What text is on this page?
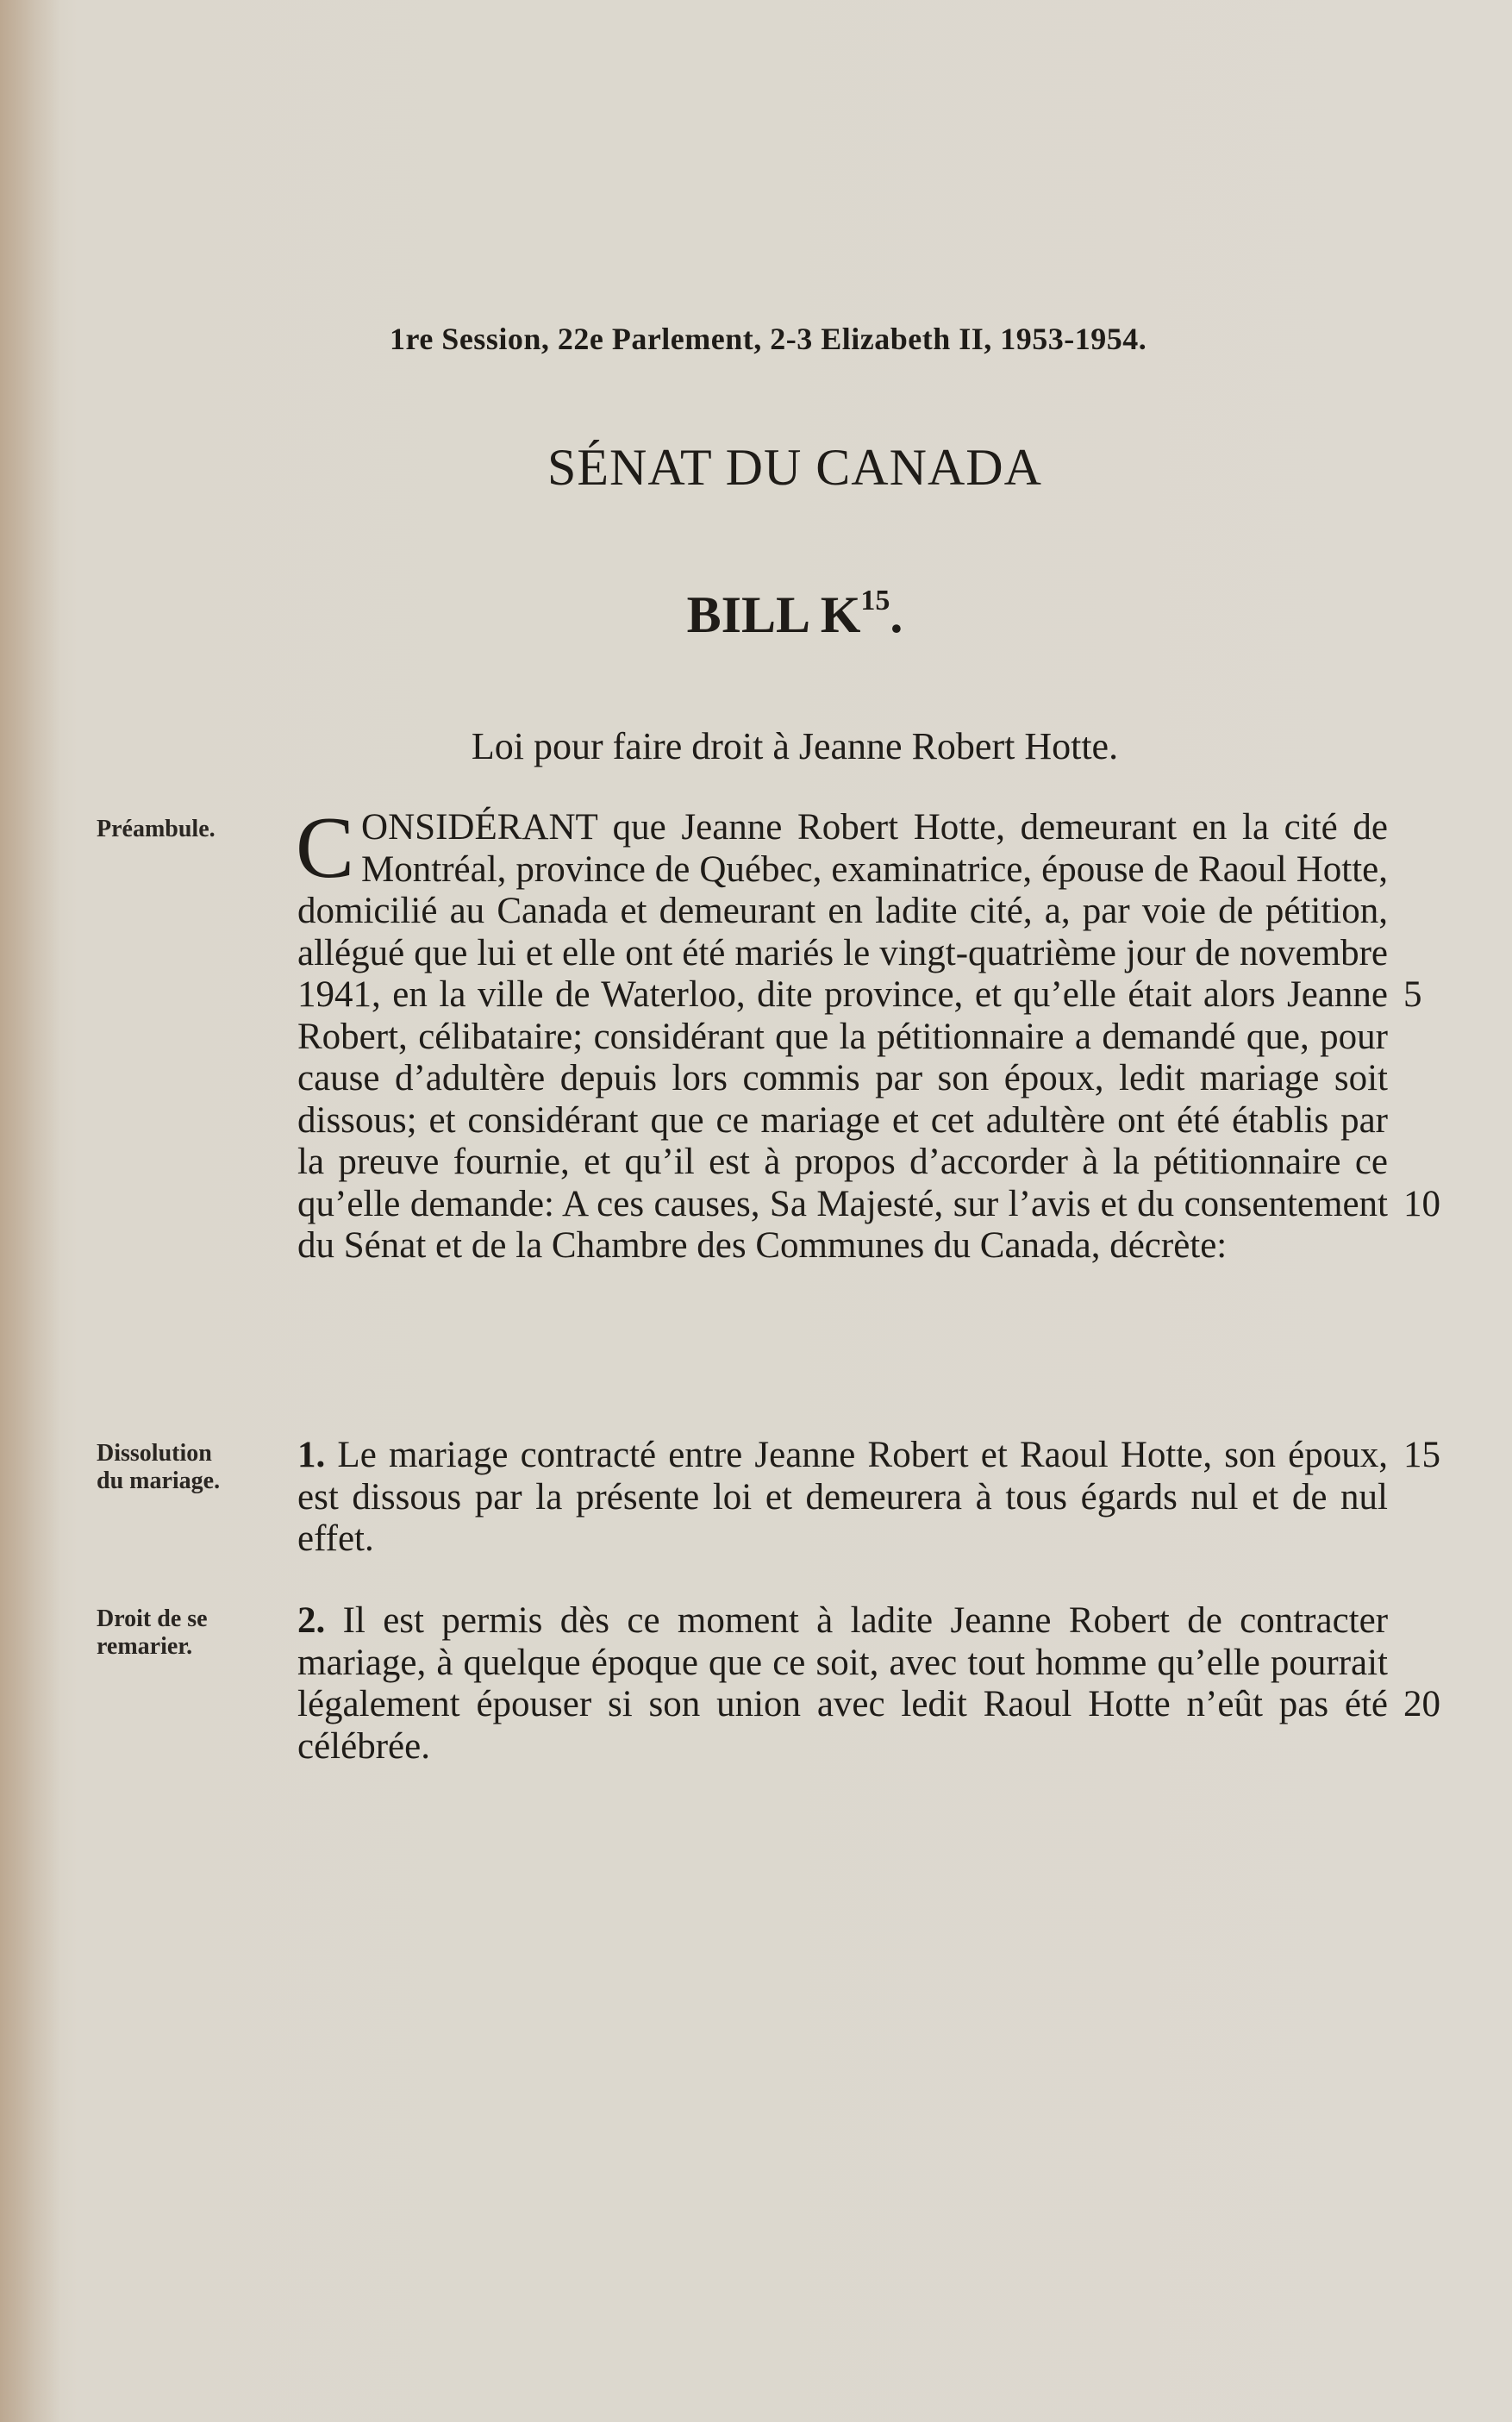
1re Session, 22e Parlement, 2-3 Elizabeth II, 1953-1954.
SÉNAT DU CANADA
BILL $K^{15}$.
Loi pour faire droit à Jeanne Robert Hotte.
Préambule.
Dissolution
du mariage.
Droit de se
remarier.

CONSIDÉRANT que Jeanne Robert Hotte, demeurant en la cité de Montréal, province de Québec, examinatrice, épouse de Raoul Hotte, domicilié au Canada et demeurant en ladite cité, a, par voie de pétition, allégué que lui et elle ont été mariés le vingt-quatrième jour de novembre 1941, en la ville de Waterloo, dite province, et qu’elle était alors Jeanne Robert, célibataire; considérant que la pétitionnaire a demandé que, pour cause d’adultère depuis lors commis par son époux, ledit mariage soit dissous; et considérant que ce mariage et cet adultère ont été établis par la preuve fournie, et qu’il est à propos d’accorder à la pétitionnaire ce qu’elle demande: A ces causes, Sa Majesté, sur l’avis et du consentement du Sénat et de la Chambre des Communes du Canada, décrète:

1. Le mariage contracté entre Jeanne Robert et Raoul Hotte, son époux, est dissous par la présente loi et demeurera à tous égards nul et de nul effet.

2. Il est permis dès ce moment à ladite Jeanne Robert de contracter mariage, à quelque époque que ce soit, avec tout homme qu’elle pourrait légalement épouser si son union avec ledit Raoul Hotte n’eût pas été célébrée.

5
10
15
20
